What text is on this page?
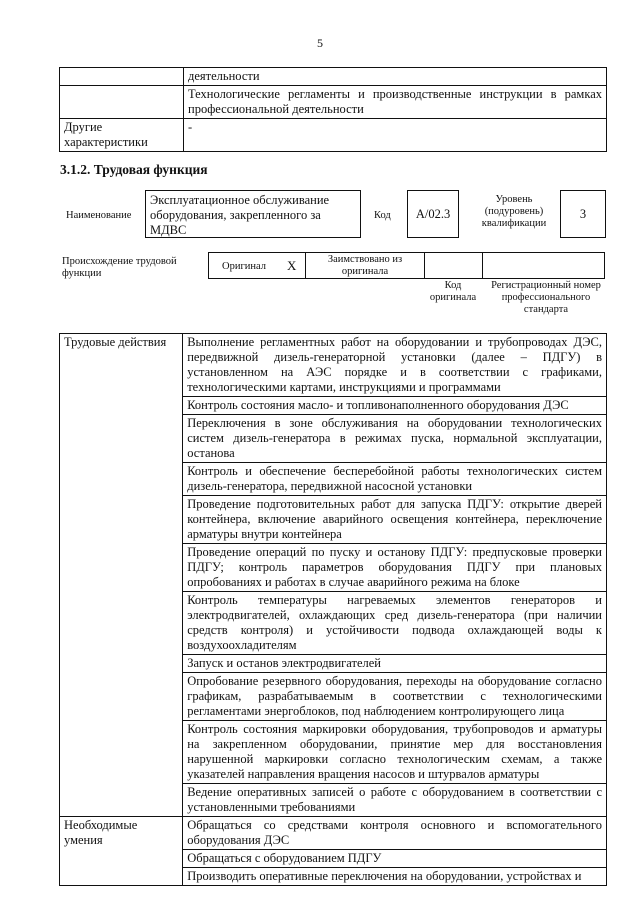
5
	деятельности
	Технологические регламенты и производственные инструкции в рамках профессиональной деятельности
Другие характеристики	-
3.1.2. Трудовая функция
Наименование
Эксплуатационное обслуживание оборудования, закрепленного за МДВС
Код	А/02.3
Уровень (подуровень) квалификации
3
Происхождение трудовой функции
Оригинал X	Заимствовано из оригинала
Код оригинала
Регистрационный номер профессионального стандарта
Трудовые действия	Выполнение регламентных работ на оборудовании и трубопроводах ДЭС, передвижной дизель-генераторной установки (далее – ПДГУ) в установленном на АЭС порядке и в соответствии с графиками, технологическими картами, инструкциями и программами
	Контроль состояния масло- и топливонаполненного оборудования ДЭС
	Переключения в зоне обслуживания на оборудовании технологических систем дизель-генератора в режимах пуска, нормальной эксплуатации, останова
	Контроль и обеспечение бесперебойной работы технологических систем дизель-генератора, передвижной насосной установки
	Проведение подготовительных работ для запуска ПДГУ: открытие дверей контейнера, включение аварийного освещения контейнера, переключение арматуры внутри контейнера
	Проведение операций по пуску и останову ПДГУ: предпусковые проверки ПДГУ; контроль параметров оборудования ПДГУ при плановых опробованиях и работах в случае аварийного режима на блоке
	Контроль температуры нагреваемых элементов генераторов и электродвигателей, охлаждающих сред дизель-генератора (при наличии средств контроля) и устойчивости подвода охлаждающей воды к воздухоохладителям
	Запуск и останов электродвигателей
	Опробование резервного оборудования, переходы на оборудование согласно графикам, разрабатываемым в соответствии с технологическими регламентами энергоблоков, под наблюдением контролирующего лица
	Контроль состояния маркировки оборудования, трубопроводов и арматуры на закрепленном оборудовании, принятие мер для восстановления нарушенной маркировки согласно технологическим схемам, а также указателей направления вращения насосов и штурвалов арматуры
	Ведение оперативных записей о работе с оборудованием в соответствии с установленными требованиями
Необходимые умения	Обращаться со средствами контроля основного и вспомогательного оборудования ДЭС
	Обращаться с оборудованием ПДГУ
	Производить оперативные переключения на оборудовании, устройствах и
